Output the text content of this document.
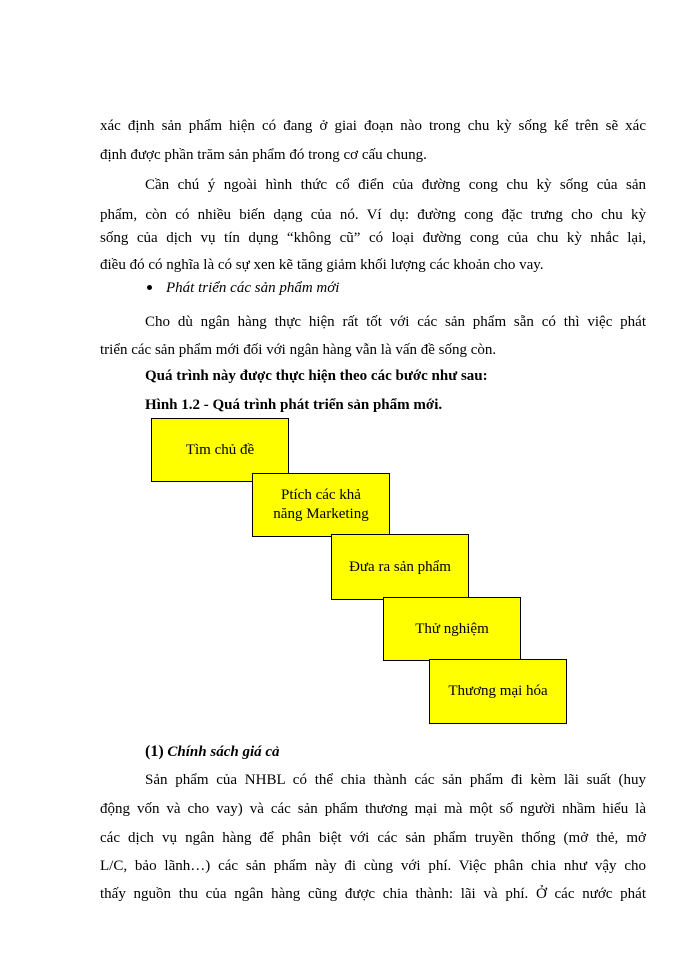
xác định sản phẩm hiện có đang ở giai đoạn nào trong chu kỳ sống kể trên sẽ xác
định được phần trăm sản phẩm đó trong cơ cấu chung.
Cần chú ý ngoài hình thức cổ điển của đường cong chu kỳ sống của sản
phẩm, còn có nhiều biến dạng của nó. Ví dụ: đường cong đặc trưng cho chu kỳ
sống của dịch vụ tín dụng “không cũ” có loại đường cong của chu kỳ nhắc lại,
điều đó có nghĩa là có sự xen kẽ tăng giảm khối lượng các khoản cho vay.
Phát triển các sản phẩm mới
Cho dù ngân hàng thực hiện rất tốt với các sản phẩm sẵn có thì việc phát
triển các sản phẩm mới đối với ngân hàng vẫn là vấn đề sống còn.
Quá trình này được thực hiện theo các bước như sau:
Hình 1.2 - Quá trình phát triển sản phẩm mới.
Tìm chủ đề
Ptích các khả
năng Marketing
Đưa ra sản phẩm
Thử nghiệm
Thương mại hóa
(1) Chính sách giá cả
Sản phẩm của NHBL có thể chia thành các sản phẩm đi kèm lãi suất (huy
động vốn và cho vay) và các sản phẩm thương mại mà một số người nhầm hiểu là
các dịch vụ ngân hàng để phân biệt với các sản phẩm truyền thống (mở thẻ, mở
L/C, bảo lãnh…) các sản phẩm này đi cùng với phí. Việc phân chia như vậy cho
thấy nguồn thu của ngân hàng cũng được chia thành: lãi và phí. Ở các nước phát
